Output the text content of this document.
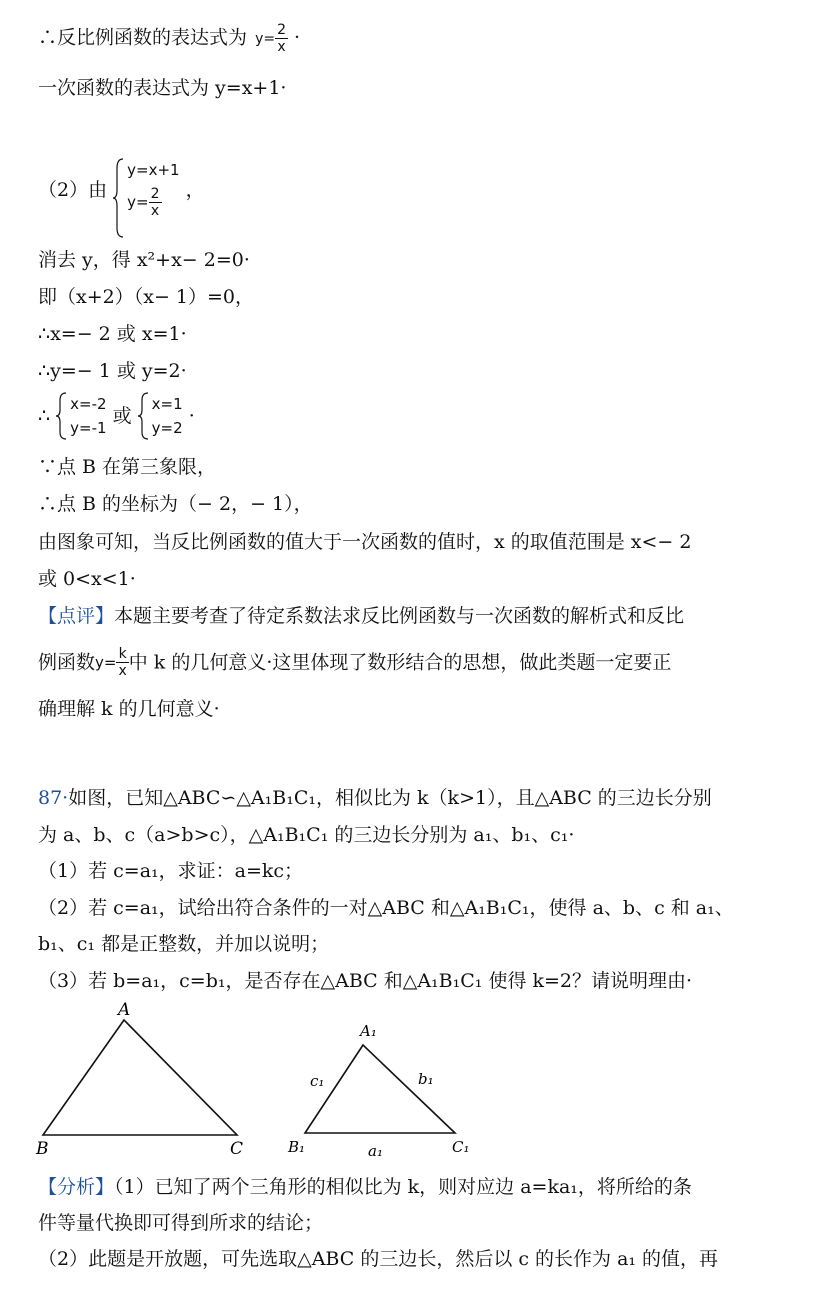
∴反比例函数的表达式为 $y= \frac{2}{x}$ ·
一次函数的表达式为 y=x+1·
（2）由
y=x+1
$y= \frac{2}{x}$ ，
消去 y，得 x²+x− 2=0·
即（x+2）（x− 1）=0，
∴x=− 2 或 x=1·
∴y=− 1 或 y=2·
∴
x=-2
y=-1
或
x=1
y=2
·
∵点 B 在第三象限，
∴点 B 的坐标为（− 2，− 1），
由图象可知，当反比例函数的值大于一次函数的值时，x 的取值范围是 x<− 2
或 0<x<1·
【点评】本题主要考查了待定系数法求反比例函数与一次函数的解析式和反比
例函数$y= \frac{k}{x}$ 中 k 的几何意义·这里体现了数形结合的思想，做此类题一定要正
确理解 k 的几何意义·
87·如图，已知△ABC∽△A₁B₁C₁，相似比为 k（k>1），且△ABC 的三边长分别
为 a、b、c（a>b>c），△A₁B₁C₁ 的三边长分别为 a₁、b₁、c₁·
（1）若 c=a₁，求证：a=kc；
（2）若 c=a₁，试给出符合条件的一对△ABC 和△A₁B₁C₁，使得 a、b、c 和 a₁、
b₁、c₁ 都是正整数，并加以说明；
（3）若 b=a₁，c=b₁，是否存在△ABC 和△A₁B₁C₁ 使得 k=2？请说明理由·
A
B	C
A₁
B₁	C₁
a₁
b₁
c₁
【分析】（1）已知了两个三角形的相似比为 k，则对应边 a=ka₁，将所给的条
件等量代换即可得到所求的结论；
（2）此题是开放题，可先选取△ABC 的三边长，然后以 c 的长作为 a₁ 的值，再
